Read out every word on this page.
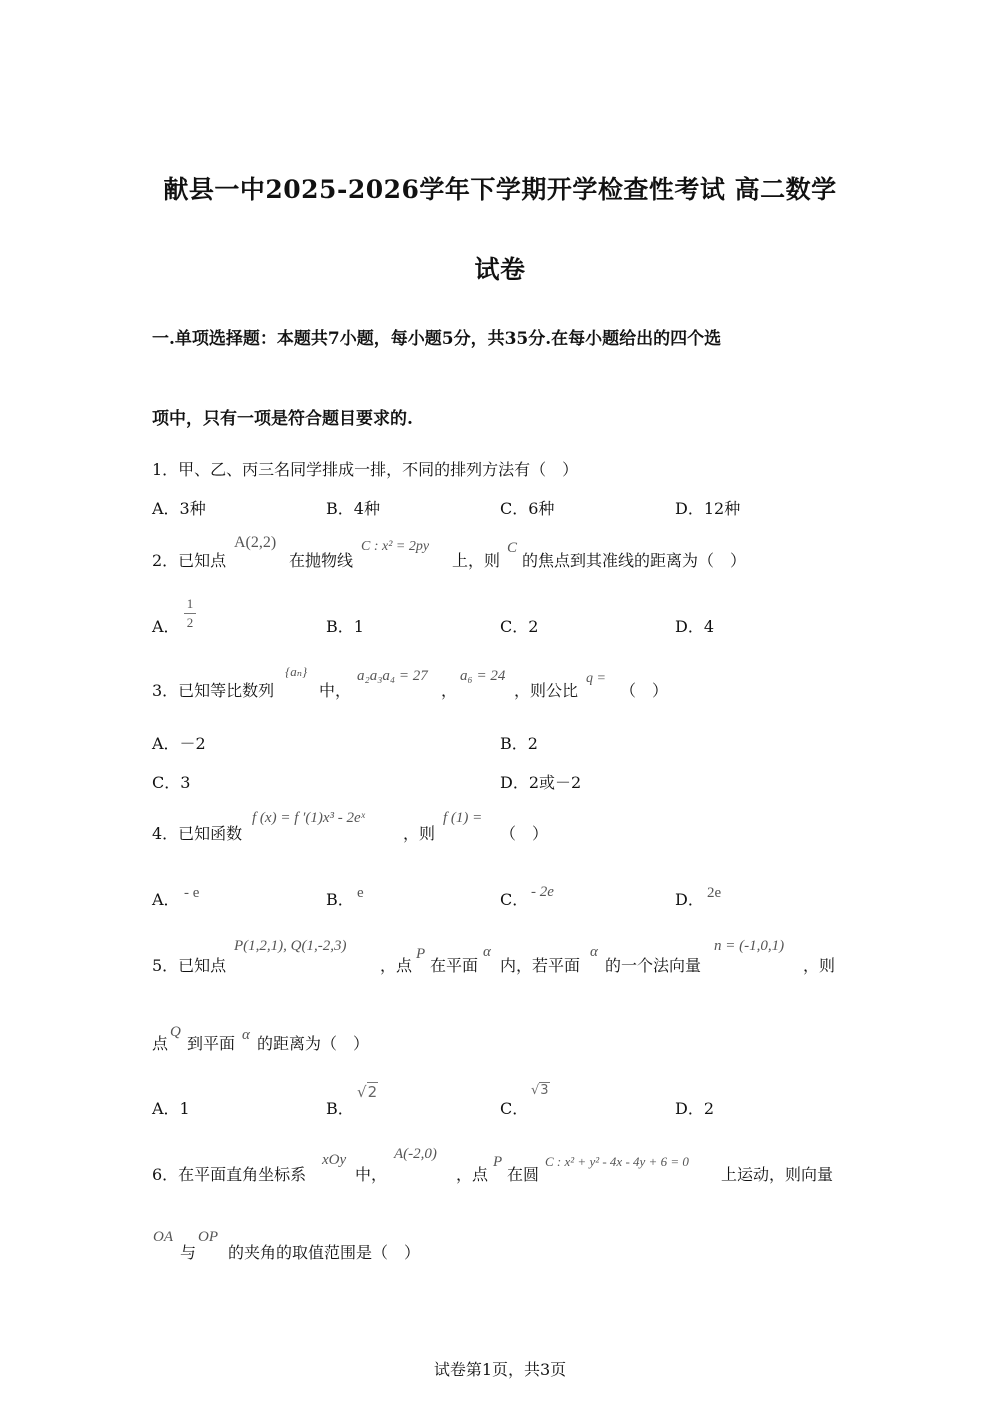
献县一中2025-2026学年下学期开学检查性考试 高二数学
试卷
一.单项选择题：本题共7小题，每小题5分，共35分.在每小题给出的四个选
项中，只有一项是符合题目要求的.
1．甲、乙、丙三名同学排成一排，不同的排列方法有（　）
A．3种	B．4种	C．6种	D．12种
2．已知点
A(2,2)
在抛物线
C : x² = 2py
上，则
C
的焦点到其准线的距离为（　）
A．
1
2	B．1	C．2	D．4
3．已知等比数列
{aₙ}
中，
a₂a₃a₄ = 27
，
a₆ = 24
，则公比
q =
（　）
A．－2	B．2
C．3	D．2或－2
4．已知函数
f (x) = f ′(1)x³ - 2eˣ
，则
f (1) =
（　）
A． - e	B． e	C． - 2e	D． 2e
5．已知点
P(1,2,1), Q(1,-2,3)
，点
P
在平面
α
内，若平面
α
的一个法向量
n = (-1,0,1)
，则
点
Q
到平面 α 的距离为（　）
A．1	B．
√2
C．
√3
D．2
6．在平面直角坐标系
xOy
中，
A(-2,0)
，点
P
在圆
C : x² + y² - 4x - 4y + 6 = 0
上运动，则向量
OA
与
OP
的夹角的取值范围是（　）
试卷第1页，共3页
